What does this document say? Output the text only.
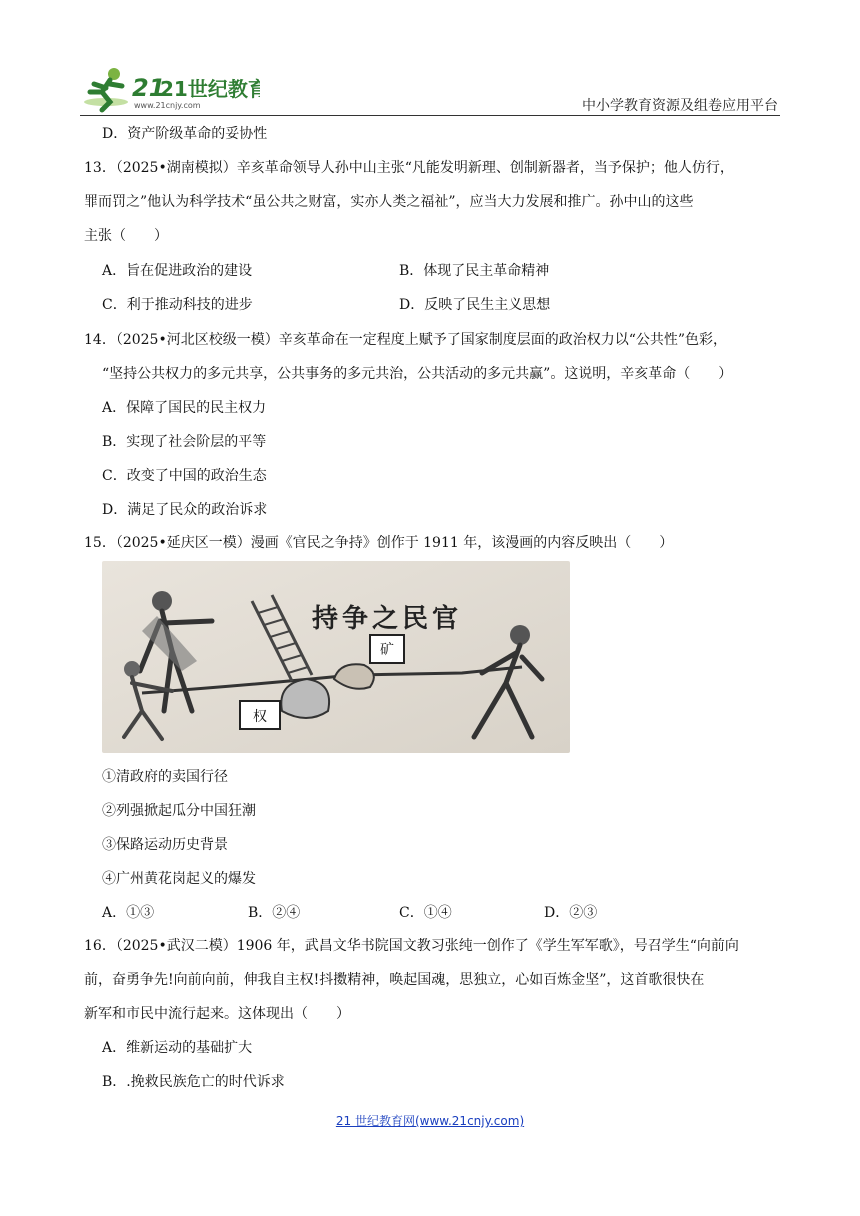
21
21世纪教育
www.21cnjy.com	中小学教育资源及组卷应用平台
D．资产阶级革命的妥协性
13．（2025•湖南模拟）辛亥革命领导人孙中山主张“凡能发明新理、创制新器者，当予保护；他人仿行，
罪而罚之”他认为科学技术“虽公共之财富，实亦人类之福祉”，应当大力发展和推广。孙中山的这些
主张（　　）
A．旨在促进政治的建设	B．体现了民主革命精神
C．利于推动科技的进步	D．反映了民生主义思想
14．（2025•河北区校级一模）辛亥革命在一定程度上赋予了国家制度层面的政治权力以“公共性”色彩，
“坚持公共权力的多元共享，公共事务的多元共治，公共活动的多元共赢”。这说明，辛亥革命（　　）
A．保障了国民的民主权力
B．实现了社会阶层的平等
C．改变了中国的政治生态
D．满足了民众的政治诉求
15．（2025•延庆区一模）漫画《官民之争持》创作于 1911 年，该漫画的内容反映出（　　）
持争之民官
权
矿
①清政府的卖国行径
②列强掀起瓜分中国狂潮
③保路运动历史背景
④广州黄花岗起义的爆发
A．①③	B．②④	C．①④	D．②③
16．（2025•武汉二模）1906 年，武昌文华书院国文教习张纯一创作了《学生军军歌》，号召学生“向前向
前，奋勇争先!向前向前，伸我自主权!抖擞精神，唤起国魂，思独立，心如百炼金坚”，这首歌很快在
新军和市民中流行起来。这体现出（　　）
A．维新运动的基础扩大
B．.挽救民族危亡的时代诉求
21 世纪教育网(www.21cnjy.com)
